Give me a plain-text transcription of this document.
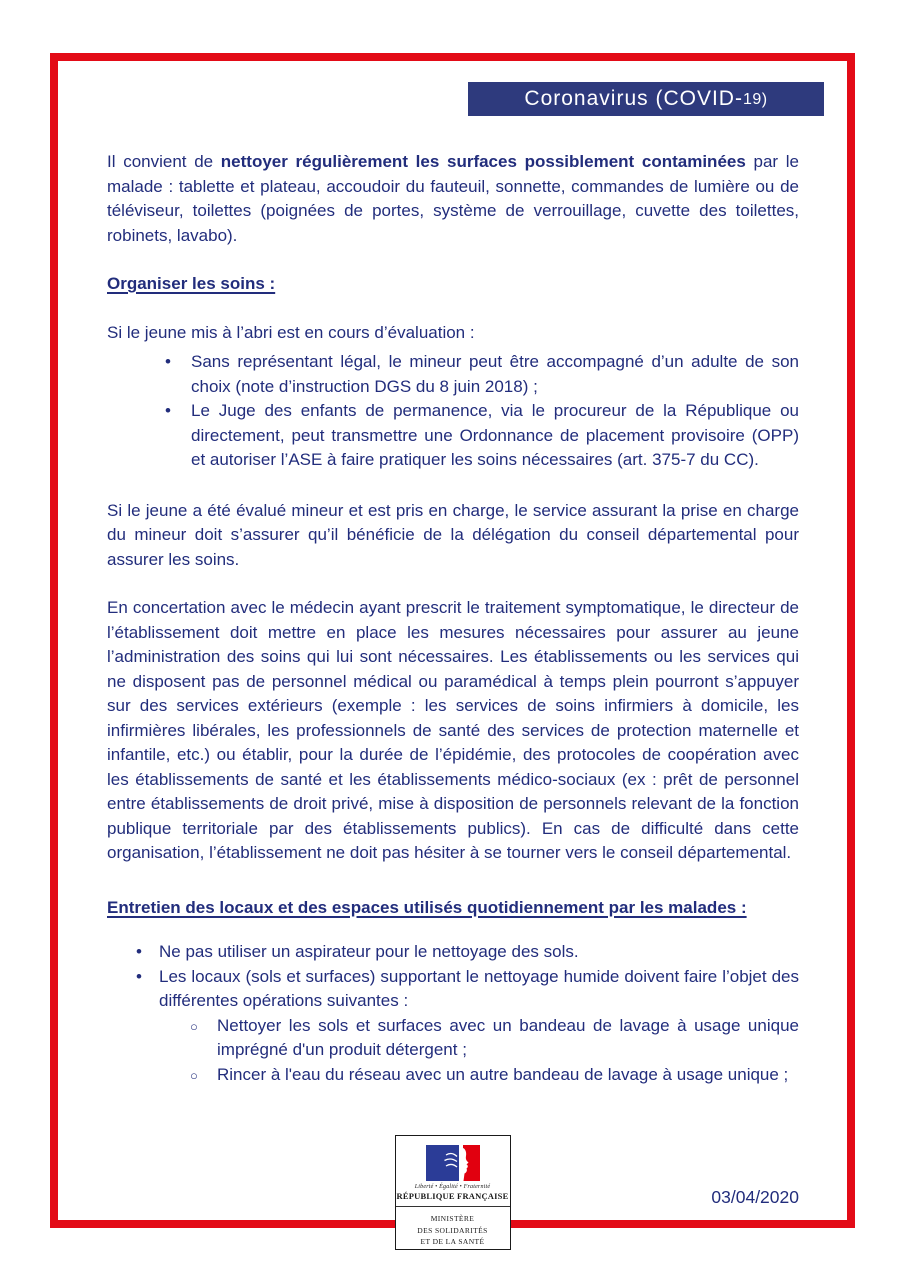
Coronavirus (COVID- 19)

Il convient de nettoyer régulièrement les surfaces possiblement contaminées par le malade : tablette et plateau, accoudoir du fauteuil, sonnette, commandes de lumière ou de téléviseur, toilettes (poignées de portes, système de verrouillage, cuvette des toilettes, robinets, lavabo).

Organiser les soins :

Si le jeune mis à l’abri est en cours d’évaluation :

• Sans représentant légal, le mineur peut être accompagné d’un adulte de son choix (note d’instruction DGS du 8 juin 2018) ;
• Le Juge des enfants de permanence, via le procureur de la République ou directement, peut transmettre une Ordonnance de placement provisoire (OPP) et autoriser l’ASE à faire pratiquer les soins nécessaires (art. 375-7 du CC).

Si le jeune a été évalué mineur et est pris en charge, le service assurant la prise en charge du mineur doit s’assurer qu’il bénéficie de la délégation du conseil départemental pour assurer les soins.

En concertation avec le médecin ayant prescrit le traitement symptomatique, le directeur de l’établissement doit mettre en place les mesures nécessaires pour assurer au jeune l’administration des soins qui lui sont nécessaires. Les établissements ou les services qui ne disposent pas de personnel médical ou paramédical à temps plein pourront s’appuyer sur des services extérieurs (exemple : les services de soins infirmiers à domicile, les infirmières libérales, les professionnels de santé des services de protection maternelle et infantile, etc.) ou établir, pour la durée de l’épidémie, des protocoles de coopération avec les établissements de santé et les établissements médico-sociaux (ex : prêt de personnel entre établissements de droit privé, mise à disposition de personnels relevant de la fonction publique territoriale par des établissements publics). En cas de difficulté dans cette organisation, l’établissement ne doit pas hésiter à se tourner vers le conseil départemental.

Entretien des locaux et des espaces utilisés quotidiennement par les malades :
• Ne pas utiliser un aspirateur pour le nettoyage des sols.
• Les locaux (sols et surfaces) supportant le nettoyage humide doivent faire l’objet des différentes opérations suivantes :
○ Nettoyer les sols et surfaces avec un bandeau de lavage à usage unique imprégné d'un produit détergent ;
○ Rincer à l'eau du réseau avec un autre bandeau de lavage à usage unique ;
03/04/2020
Liberté • Égalité • Fraternité
RÉPUBLIQUE FRANÇAISE
MINISTÈRE
DES SOLIDARITÉS
ET DE LA SANTÉ
